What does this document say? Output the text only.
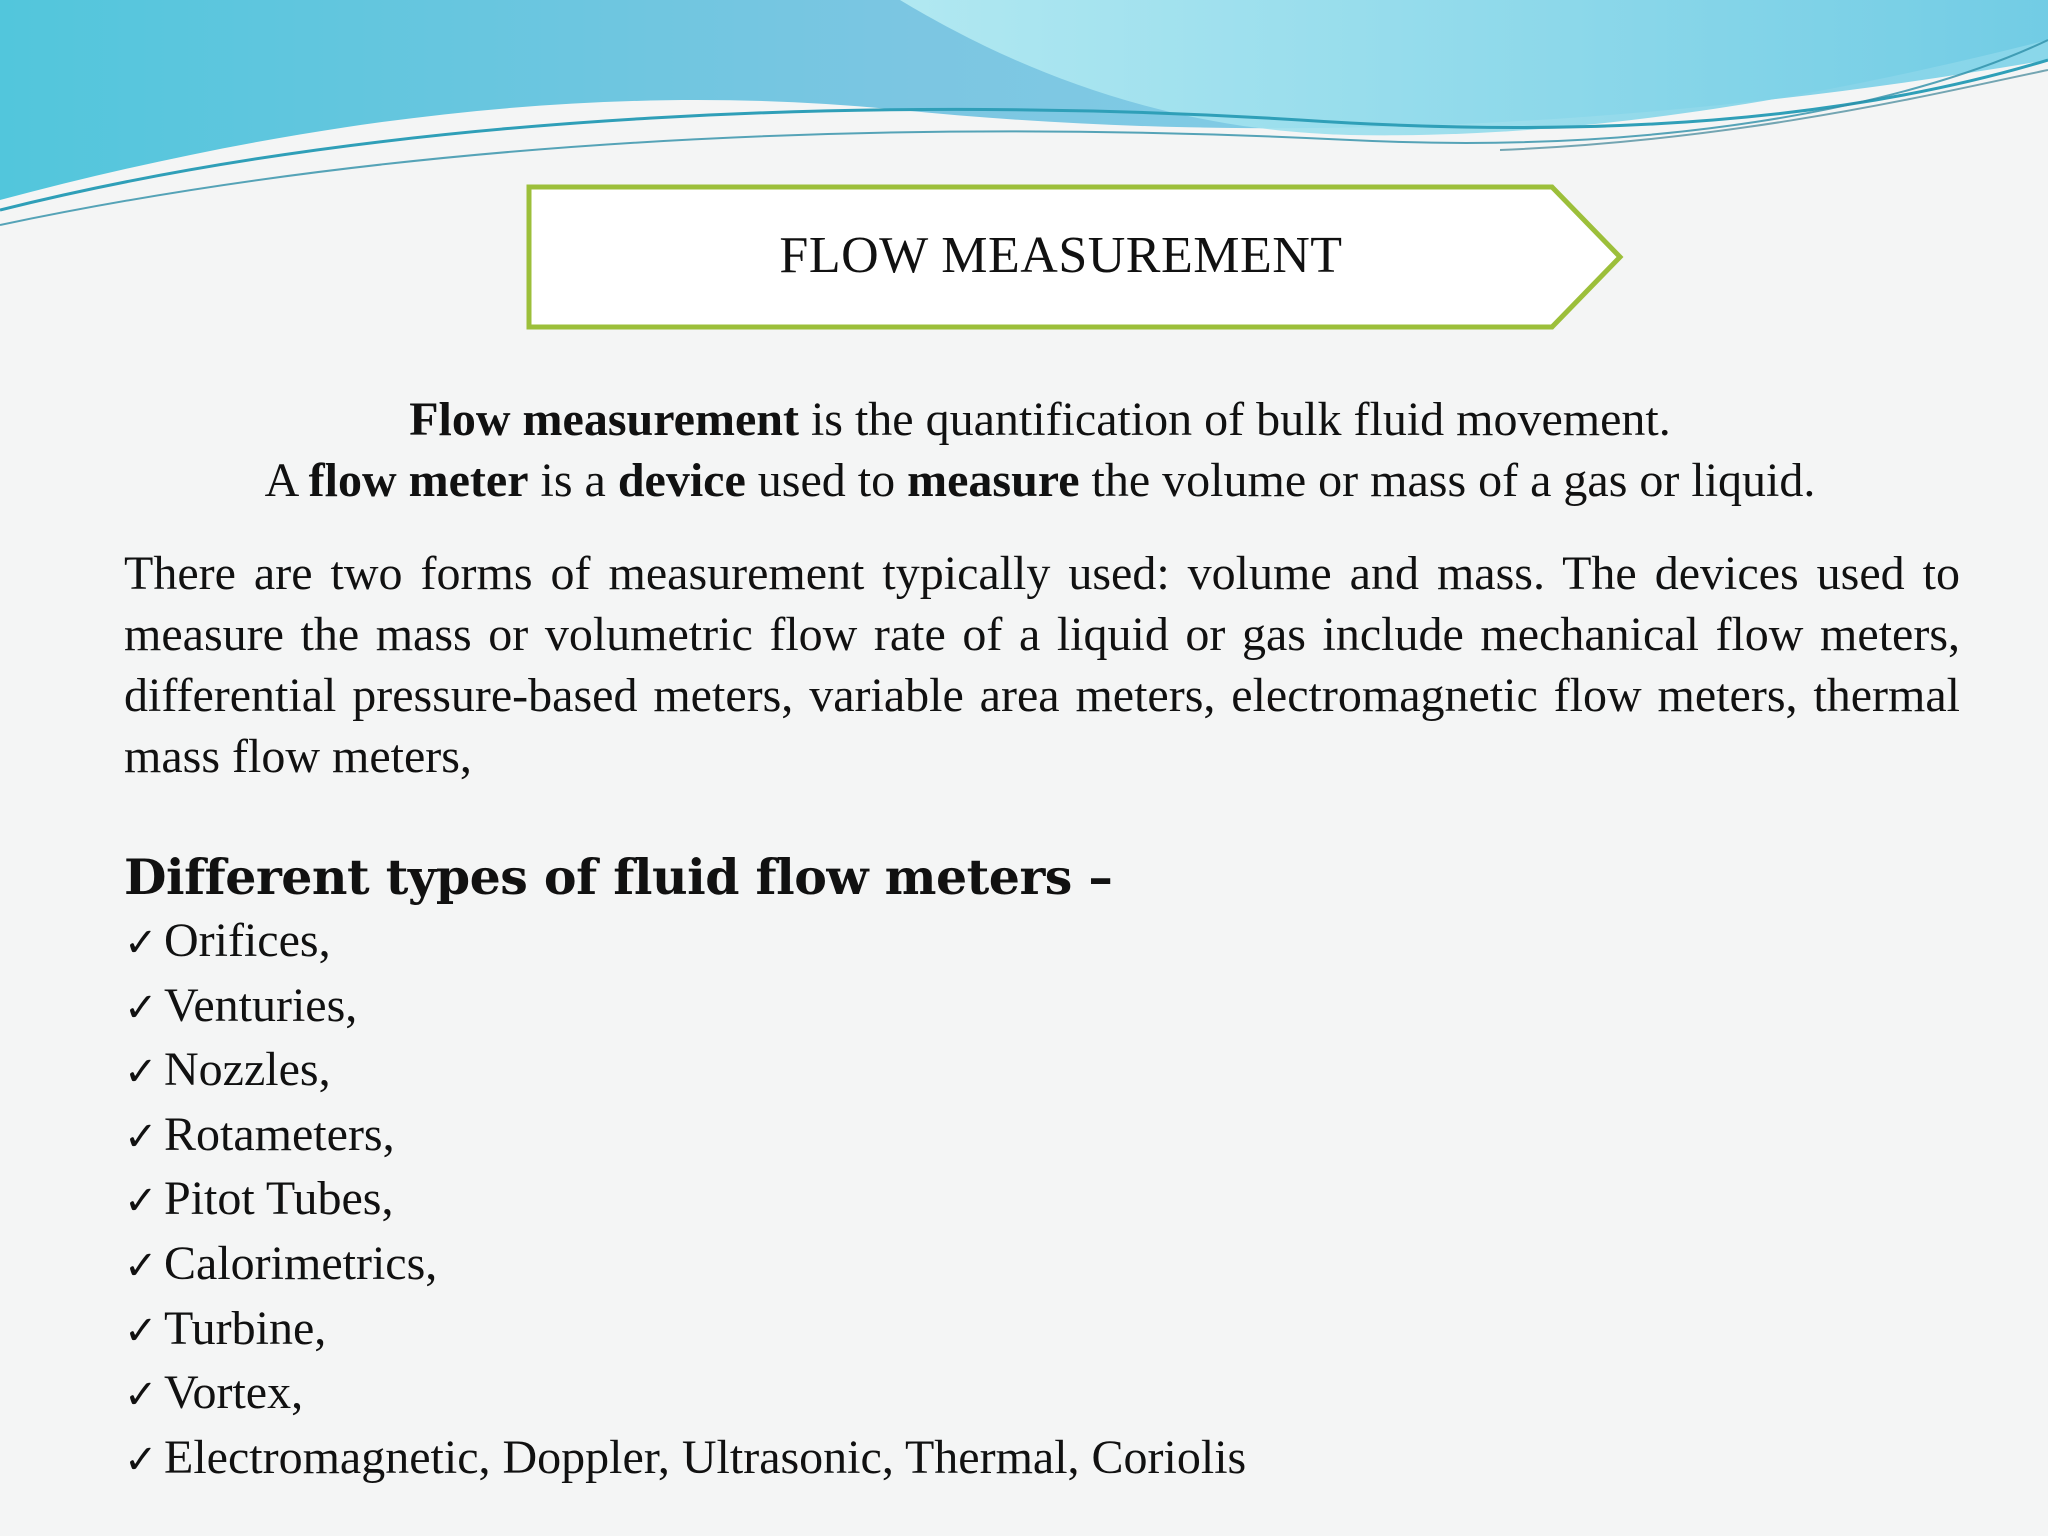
FLOW MEASUREMENT
Flow measurement is the quantification of bulk fluid movement.
A flow meter is a device used to measure the volume or mass of a gas or liquid.
There are two forms of measurement typically used: volume and mass. The devices used to measure the mass or volumetric flow rate of a liquid or gas include mechanical flow meters, differential pressure-based meters, variable area meters, electromagnetic flow meters, thermal mass flow meters,
Different types of fluid flow meters –
✓ Orifices,
✓ Venturies,
✓ Nozzles,
✓ Rotameters,
✓ Pitot Tubes,
✓ Calorimetrics,
✓ Turbine,
✓ Vortex,
✓ Electromagnetic, Doppler, Ultrasonic, Thermal, Coriolis
